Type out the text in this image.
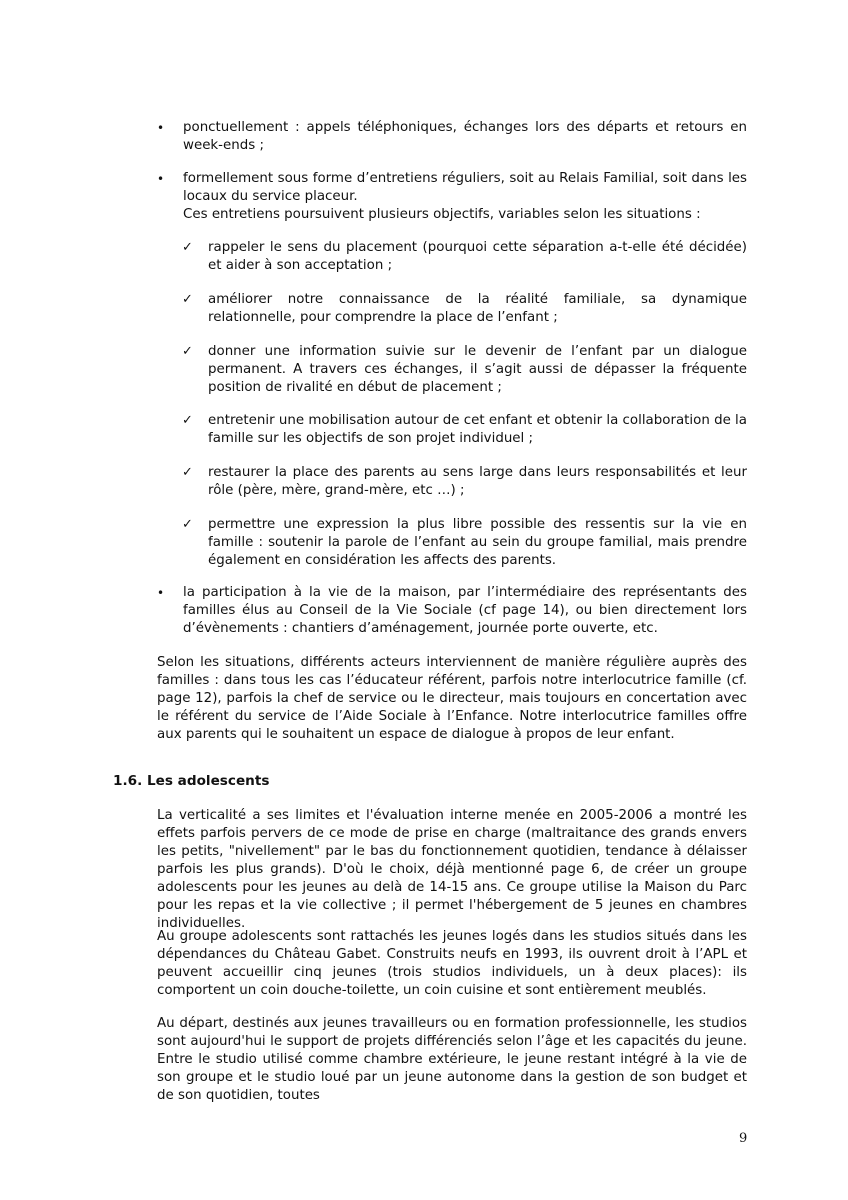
• ponctuellement : appels téléphoniques, échanges lors des départs et retours en week-ends ;

• formellement sous forme d’entretiens réguliers, soit au Relais Familial, soit dans les locaux du service placeur.

Ces entretiens poursuivent plusieurs objectifs, variables selon les situations :

✓ rappeler le sens du placement (pourquoi cette séparation a-t-elle été décidée) et aider à son acceptation ;

✓ améliorer notre connaissance de la réalité familiale, sa dynamique relationnelle, pour comprendre la place de l’enfant ;

✓ donner une information suivie sur le devenir de l’enfant par un dialogue permanent. A travers ces échanges, il s’agit aussi de dépasser la fréquente position de rivalité en début de placement ;

✓ entretenir une mobilisation autour de cet enfant et obtenir la collaboration de la famille sur les objectifs de son projet individuel ;

✓ restaurer la place des parents au sens large dans leurs responsabilités et leur rôle (père, mère, grand-mère, etc …) ;

✓ permettre une expression la plus libre possible des ressentis sur la vie en famille : soutenir la parole de l’enfant au sein du groupe familial, mais prendre également en considération les affects des parents.

• la participation à la vie de la maison, par l’intermédiaire des représentants des familles élus au Conseil de la Vie Sociale (cf page 14), ou bien directement lors d’évènements : chantiers d’aménagement, journée porte ouverte, etc.

Selon les situations, différents acteurs interviennent de manière régulière auprès des familles : dans tous les cas l’éducateur référent, parfois notre interlocutrice famille (cf. page 12), parfois la chef de service ou le directeur, mais toujours en concertation avec le référent du service de l’Aide Sociale à l’Enfance. Notre interlocutrice familles offre aux parents qui le souhaitent un espace de dialogue à propos de leur enfant.

1.6. Les adolescents

La verticalité a ses limites et l'évaluation interne menée en 2005-2006 a montré les effets parfois pervers de ce mode de prise en charge (maltraitance des grands envers les petits, "nivellement" par le bas du fonctionnement quotidien, tendance à délaisser parfois les plus grands). D'où le choix, déjà mentionné page 6, de créer un groupe adolescents pour les jeunes au delà de 14-15 ans. Ce groupe utilise la Maison du Parc pour les repas et la vie collective ; il permet l'hébergement de 5 jeunes en chambres individuelles.

Au groupe adolescents sont rattachés les jeunes logés dans les studios situés dans les dépendances du Château Gabet. Construits neufs en 1993, ils ouvrent droit à l’APL et peuvent accueillir cinq jeunes (trois studios individuels, un à deux places): ils comportent un coin douche-toilette, un coin cuisine et sont entièrement meublés.

Au départ, destinés aux jeunes travailleurs ou en formation professionnelle, les studios sont aujourd'hui le support de projets différenciés selon l’âge et les capacités du jeune. Entre le studio utilisé comme chambre extérieure, le jeune restant intégré à la vie de son groupe et le studio loué par un jeune autonome dans la gestion de son budget et de son quotidien, toutes

9
